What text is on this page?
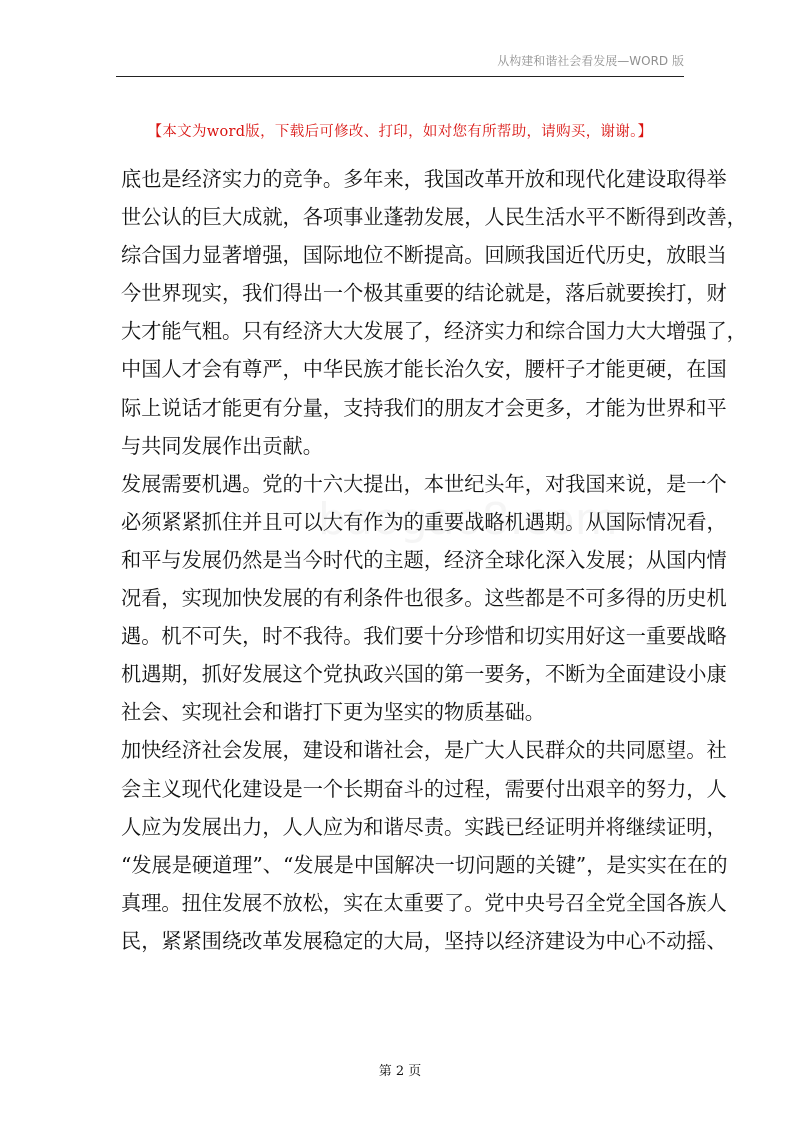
从构建和谐社会看发展—WORD 版
【本文为word版，下载后可修改、打印，如对您有所帮助，请购买，谢谢。】
底也是经济实力的竞争。多年来，我国改革开放和现代化建设取得举
世公认的巨大成就，各项事业蓬勃发展，人民生活水平不断得到改善，
综合国力显著增强，国际地位不断提高。回顾我国近代历史，放眼当
今世界现实，我们得出一个极其重要的结论就是，落后就要挨打，财
大才能气粗。只有经济大大发展了，经济实力和综合国力大大增强了，
中国人才会有尊严，中华民族才能长治久安，腰杆子才能更硬，在国
际上说话才能更有分量，支持我们的朋友才会更多，才能为世界和平
与共同发展作出贡献。
发展需要机遇。党的十六大提出，本世纪头年，对我国来说，是一个
必须紧紧抓住并且可以大有作为的重要战略机遇期。从国际情况看，
和平与发展仍然是当今时代的主题，经济全球化深入发展；从国内情
况看，实现加快发展的有利条件也很多。这些都是不可多得的历史机
遇。机不可失，时不我待。我们要十分珍惜和切实用好这一重要战略
机遇期，抓好发展这个党执政兴国的第一要务，不断为全面建设小康
社会、实现社会和谐打下更为坚实的物质基础。
加快经济社会发展，建设和谐社会，是广大人民群众的共同愿望。社
会主义现代化建设是一个长期奋斗的过程，需要付出艰辛的努力，人
人应为发展出力，人人应为和谐尽责。实践已经证明并将继续证明，
“发展是硬道理”、“发展是中国解决一切问题的关键”，是实实在在的
真理。扭住发展不放松，实在太重要了。党中央号召全党全国各族人
民，紧紧围绕改革发展稳定的大局，坚持以经济建设为中心不动摇、
第 2 页
